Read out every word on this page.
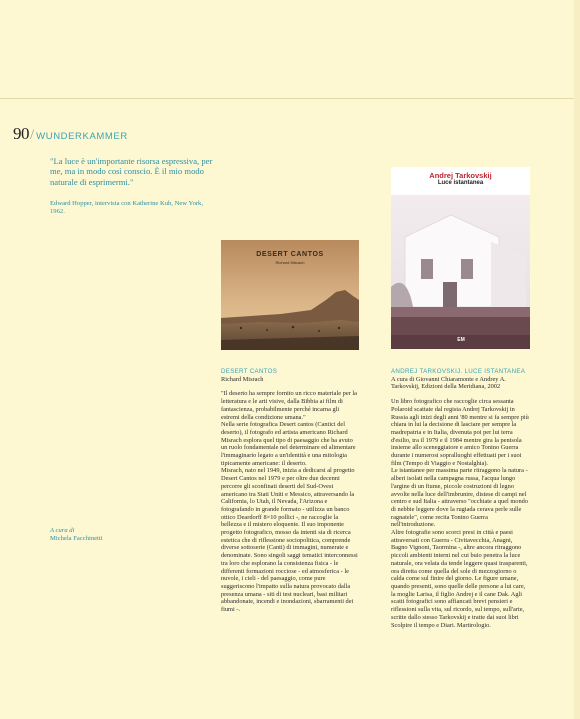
90 / WUNDERKAMMER
"La luce è un'importante risorsa espressiva, per me, ma in modo così conscio. È il mio modo naturale di esprimermi."
Edward Hopper, intervista con Katherine Kuh, New York, 1962.
A cura di
Michela Facchinetti
DESERT CANTOS
Richard Misrach
Andrej Tarkovskij
Luce istantanea
EM
DESERT CANTOS

Richard Misrach

"Il deserto ha sempre fornito un ricco materiale per la letteratura e le arti visive, dalla Bibbia ai film di fantascienza, probabilmente perché incarna gli estremi della condizione umana."

Nella serie fotografica Desert cantos (Cantici del deserto), il fotografo ed artista americano Richard Misrach esplora quel tipo di paesaggio che ha avuto un ruolo fondamentale nel determinare ed alimentare l'immaginario legato a un'identità e una mitologia tipicamente americane: il deserto.

Misrach, nato nel 1949, inizia a dedicarsi al progetto Desert Cantos nel 1979 e per oltre due decenni percorre gli sconfinati deserti del Sud-Ovest americano tra Stati Uniti e Messico, attraversando la California, lo Utah, il Nevada, l'Arizona e fotografando in grande formato - utilizza un banco ottico Deardorff 8×10 pollici -, ne raccoglie la bellezza e il mistero eloquente. Il suo imponente progetto fotografico, mosso da intenti sia di ricerca estetica che di riflessione sociopolitica, comprende diverse sottoserie (Canti) di immagini, numerate e denominate. Sono singoli saggi tematici interconnessi tra loro che esplorano la consistenza fisica - le differenti formazioni rocciose - ed atmosferica - le nuvole, i cieli - del paesaggio, come pure suggeriscono l'impatto sulla natura provocato dalla presenza umana - siti di test nucleari, basi militari abbandonate, incendi e inondazioni, sbarramenti dei fiumi -.

ANDREJ TARKOVSKIJ. LUCE ISTANTANEA

A cura di Giovanni Chiaramonte e Andrey A. Tarkovskij, Edizioni della Meridiana, 2002

Un libro fotografico che raccoglie circa sessanta Polaroid scattate dal regista Andrej Tarkovskij in Russia agli inizi degli anni '80 mentre si fa sempre più chiara in lui la decisione di lasciare per sempre la madrepatria e in Italia, divenuta poi per lui terra d'esilio, tra il 1979 e il 1984 mentre gira la penisola insieme allo sceneggiatore e amico Tonino Guerra durante i numerosi sopralluoghi effettuati per i suoi film (Tempo di Viaggio e Nostalghia).

Le istantanee per massima parte ritraggono la natura - alberi isolati nella campagna russa, l'acqua lungo l'argine di un fiume, piccole costruzioni di legno avvolte nella luce dell'imbrunire, distese di campi nel centro e sud Italia - attraverso "occhiate a quel mondo di nebbie leggere dove la rugiada cerava perle sulle ragnatele", come recita Tonino Guerra nell'introduzione.

Altre fotografie sono scorci presi in città e paesi attraversati con Guerra - Civitavecchia, Anagni, Bagno Vignoni, Taormina -, altre ancora ritraggono piccoli ambienti interni nel cui buio penetra la luce naturale, ora velata da tende leggere quasi trasparenti, ora diretta come quella del sole di mezzogiorno o calda come sul finire del giorno. Le figure umane, quando presenti, sono quelle delle persone a lui care, la moglie Larisa, il figlio Andrej e il cane Dak. Agli scatti fotografici sono affiancati brevi pensieri e riflessioni sulla vita, sul ricordo, sul tempo, sull'arte, scritte dallo stesso Tarkovskij e tratte dai suoi libri Scolpire il tempo e Diari. Martirologio.
